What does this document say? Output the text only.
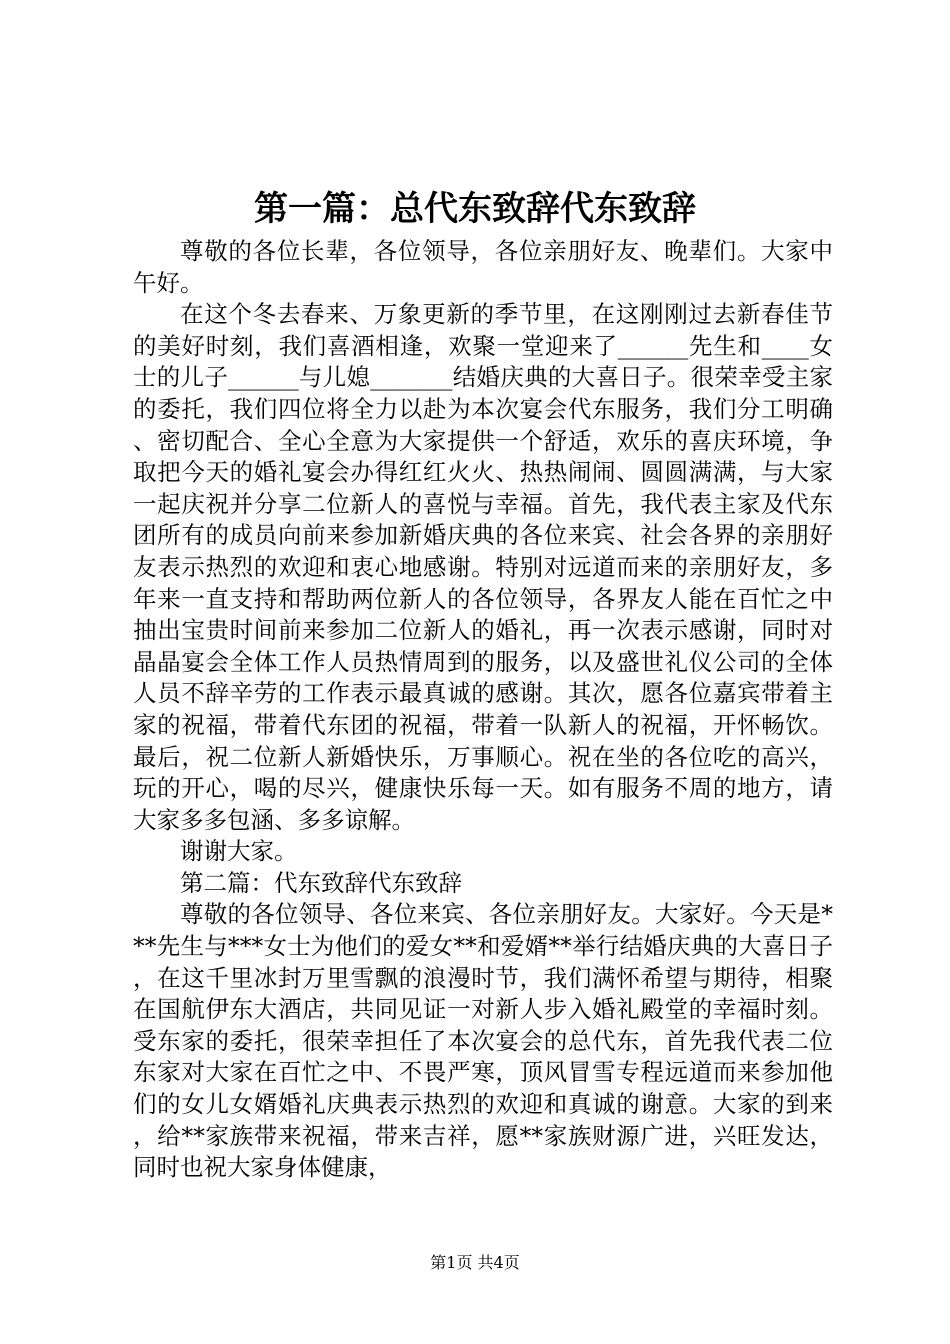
第一篇：总代东致辞代东致辞

尊敬的各位长辈，各位领导，各位亲朋好友、晚辈们。大家中午好。

在这个冬去春来、万象更新的季节里，在这刚刚过去新春佳节的美好时刻，我们喜酒相逢，欢聚一堂迎来了______先生和____女士的儿子______与儿媳_______结婚庆典的大喜日子。很荣幸受主家的委托，我们四位将全力以赴为本次宴会代东服务，我们分工明确、密切配合、全心全意为大家提供一个舒适，欢乐的喜庆环境，争取把今天的婚礼宴会办得红红火火、热热闹闹、圆圆满满，与大家一起庆祝并分享二位新人的喜悦与幸福。首先，我代表主家及代东团所有的成员向前来参加新婚庆典的各位来宾、社会各界的亲朋好友表示热烈的欢迎和衷心地感谢。特别对远道而来的亲朋好友，多年来一直支持和帮助两位新人的各位领导，各界友人能在百忙之中抽出宝贵时间前来参加二位新人的婚礼，再一次表示感谢，同时对晶晶宴会全体工作人员热情周到的服务，以及盛世礼仪公司的全体人员不辞辛劳的工作表示最真诚的感谢。其次，愿各位嘉宾带着主家的祝福，带着代东团的祝福，带着一队新人的祝福，开怀畅饮。最后，祝二位新人新婚快乐，万事顺心。祝在坐的各位吃的高兴，玩的开心，喝的尽兴，健康快乐每一天。如有服务不周的地方，请大家多多包涵、多多谅解。

谢谢大家。

第二篇：代东致辞代东致辞

尊敬的各位领导、各位来宾、各位亲朋好友。大家好。今天是***先生与***女士为他们的爱女**和爱婿**举行结婚庆典的大喜日子，在这千里冰封万里雪飘的浪漫时节，我们满怀希望与期待，相聚在国航伊东大酒店，共同见证一对新人步入婚礼殿堂的幸福时刻。受东家的委托，很荣幸担任了本次宴会的总代东，首先我代表二位东家对大家在百忙之中、不畏严寒，顶风冒雪专程远道而来参加他们的女儿女婿婚礼庆典表示热烈的欢迎和真诚的谢意。大家的到来，给**家族带来祝福，带来吉祥，愿**家族财源广进，兴旺发达，同时也祝大家身体健康，

第1页 共4页
